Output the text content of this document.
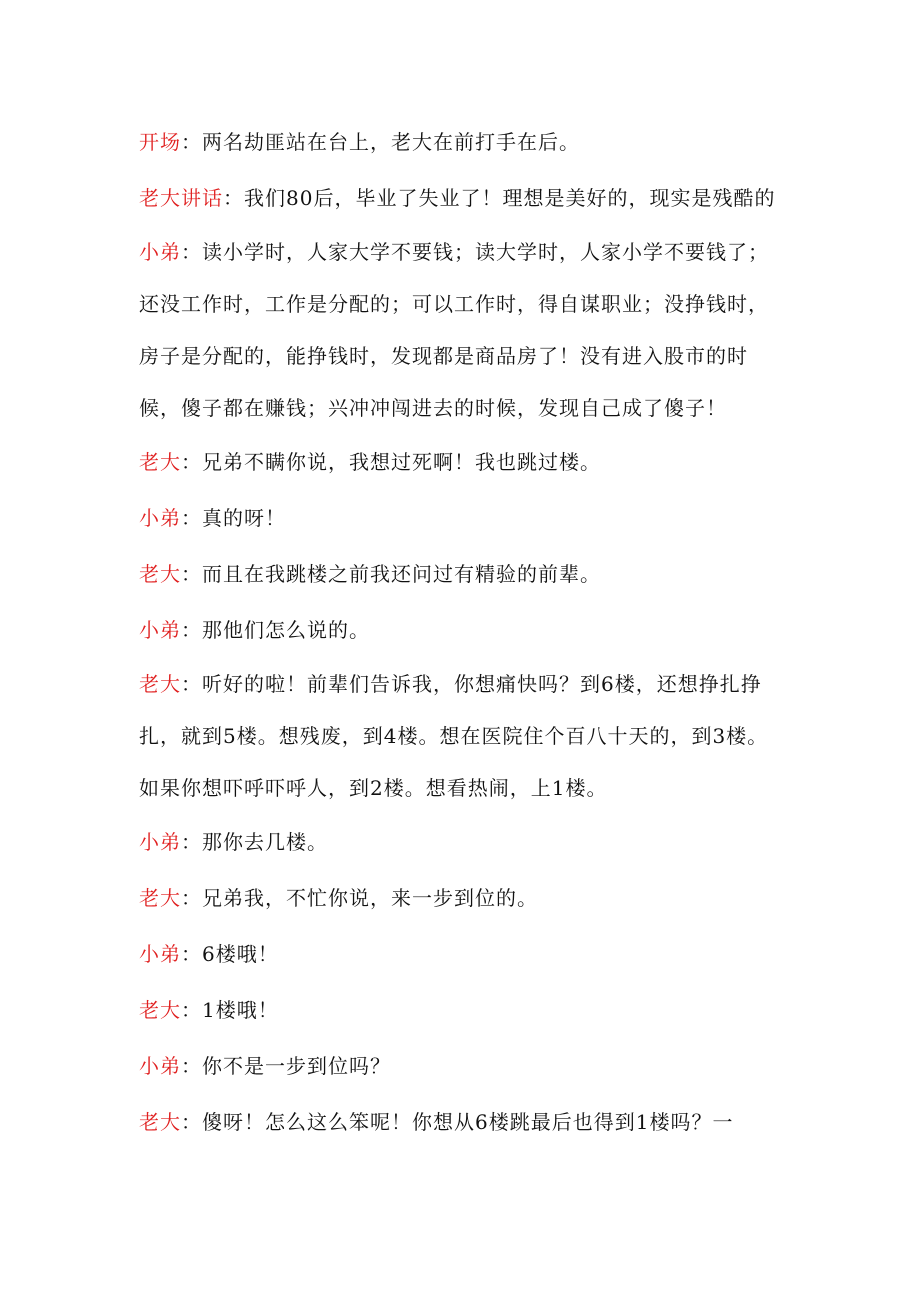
开场：两名劫匪站在台上，老大在前打手在后。

老大讲话：我们80后，毕业了失业了！理想是美好的，现实是残酷的

小弟：读小学时，人家大学不要钱；读大学时，人家小学不要钱了；还没工作时，工作是分配的；可以工作时，得自谋职业；没挣钱时，房子是分配的，能挣钱时，发现都是商品房了！没有进入股市的时候，傻子都在赚钱；兴冲冲闯进去的时候，发现自己成了傻子！

老大：兄弟不瞒你说，我想过死啊！我也跳过楼。

小弟：真的呀！

老大：而且在我跳楼之前我还问过有精验的前辈。

小弟：那他们怎么说的。

老大：听好的啦！前辈们告诉我，你想痛快吗？到6楼，还想挣扎挣扎，就到5楼。想残废，到4楼。想在医院住个百八十天的，到3楼。如果你想吓呼吓呼人，到2楼。想看热闹，上1楼。

小弟：那你去几楼。

老大：兄弟我，不忙你说，来一步到位的。

小弟：6楼哦！

老大：1楼哦！

小弟：你不是一步到位吗？

老大：傻呀！怎么这么笨呢！你想从6楼跳最后也得到1楼吗？一
